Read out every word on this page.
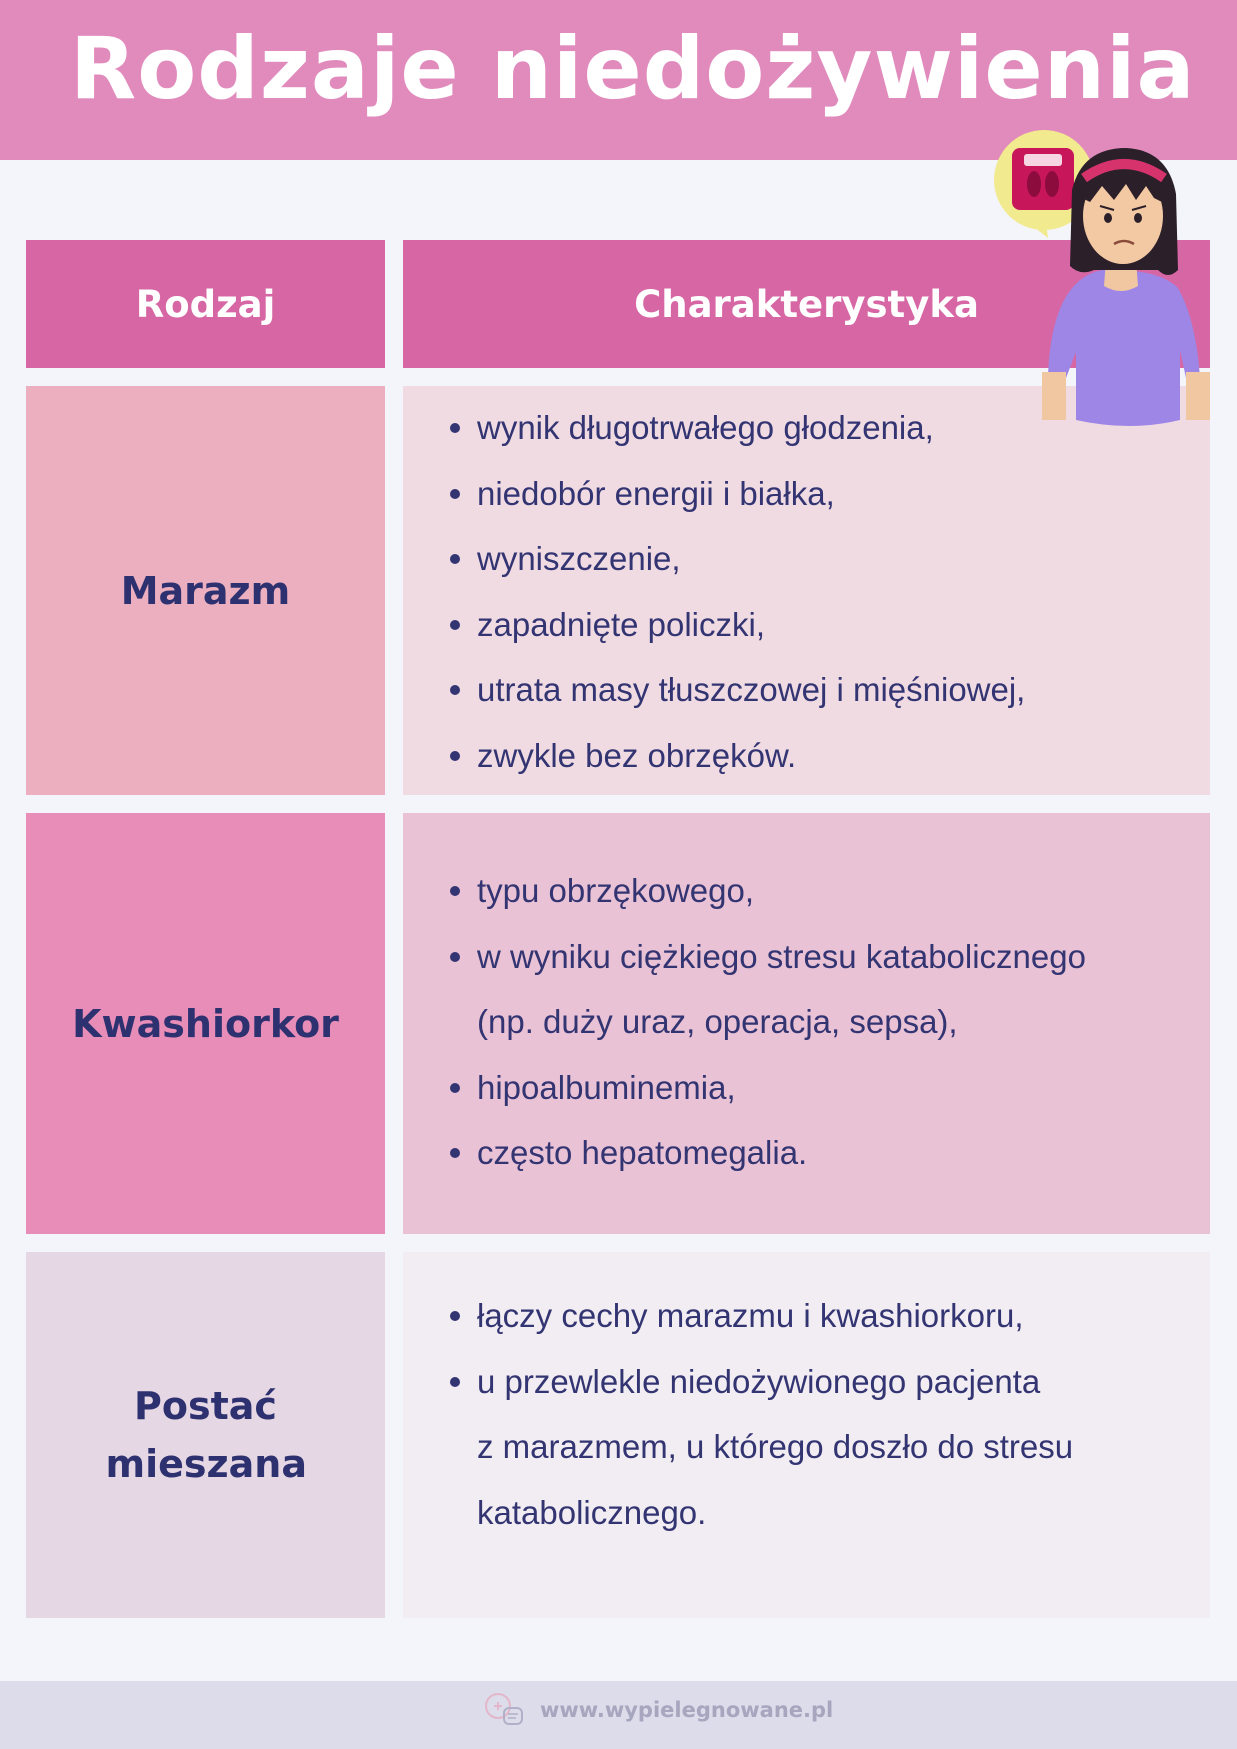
Rodzaje niedożywienia
Rodzaj	Charakterystyka
Marazm
wynik długotrwałego głodzenia,
niedobór energii i białka,
wyniszczenie,
zapadnięte policzki,
utrata masy tłuszczowej i mięśniowej,
zwykle bez obrzęków.
Kwashiorkor
typu obrzękowego,
w wyniku ciężkiego stresu katabolicznego
(np. duży uraz, operacja, sepsa),
hipoalbuminemia,
często hepatomegalia.
Postać mieszana
łączy cechy marazmu i kwashiorkoru,
u przewlekle niedożywionego pacjenta
z marazmem, u którego doszło do stresu
katabolicznego.
www.wypielegnowane.pl
